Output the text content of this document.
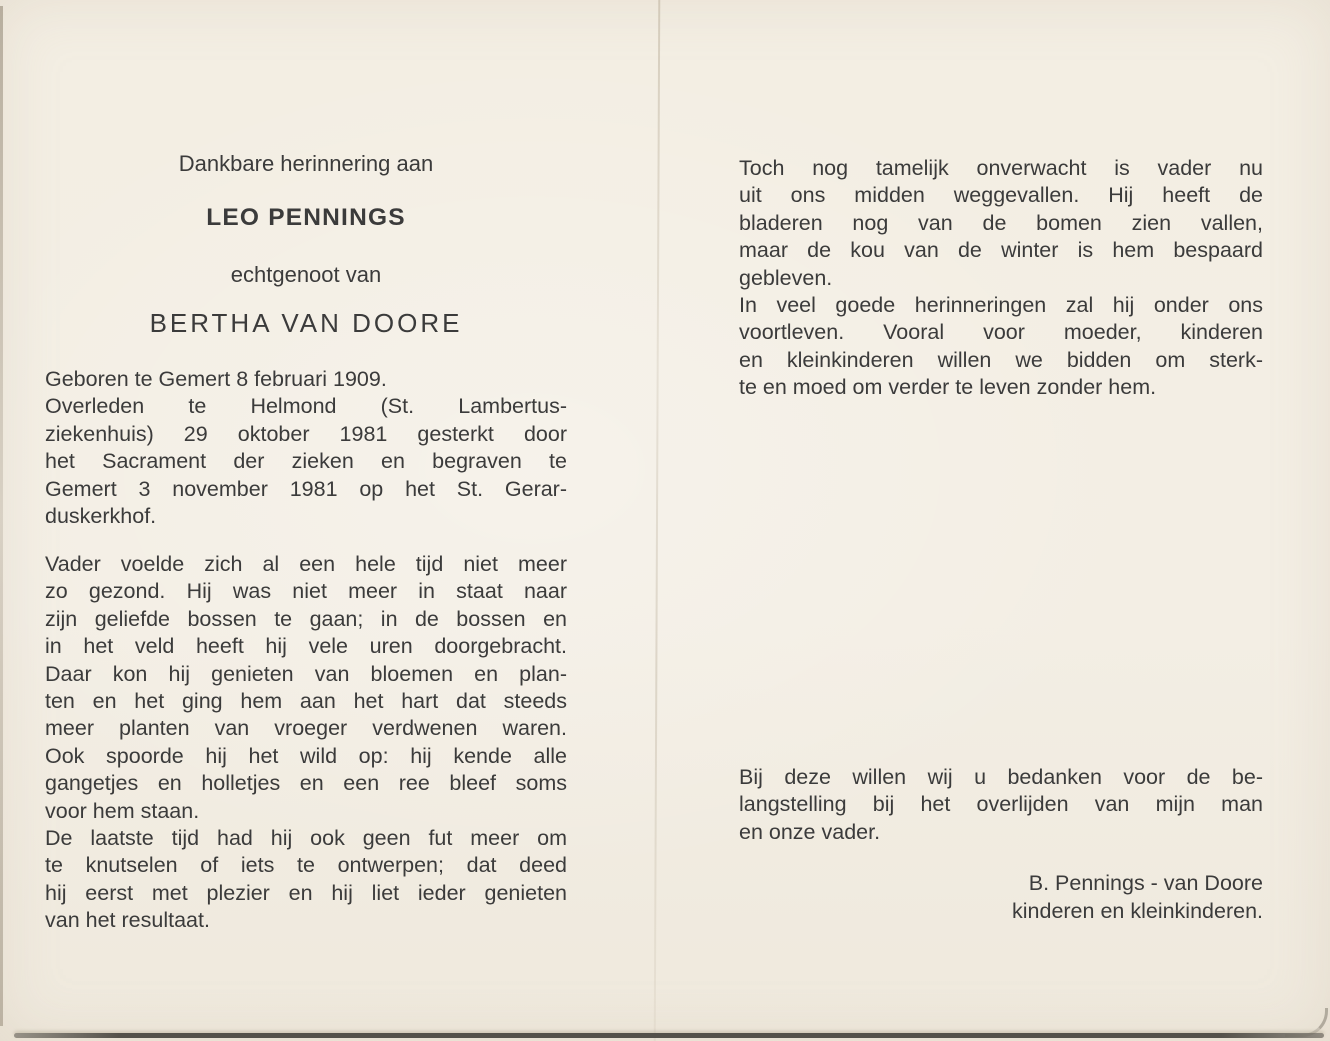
Dankbare herinnering aan
LEO PENNINGS
echtgenoot van
BERTHA VAN DOORE
Geboren te Gemert 8 februari 1909.
Overleden te Helmond (St. Lambertus-
ziekenhuis) 29 oktober 1981 gesterkt door
het Sacrament der zieken en begraven te
Gemert 3 november 1981 op het St. Gerar-
duskerkhof.
Vader voelde zich al een hele tijd niet meer
zo gezond. Hij was niet meer in staat naar
zijn geliefde bossen te gaan; in de bossen en
in het veld heeft hij vele uren doorgebracht.
Daar kon hij genieten van bloemen en plan-
ten en het ging hem aan het hart dat steeds
meer planten van vroeger verdwenen waren.
Ook spoorde hij het wild op: hij kende alle
gangetjes en holletjes en een ree bleef soms
voor hem staan.
De laatste tijd had hij ook geen fut meer om
te knutselen of iets te ontwerpen; dat deed
hij eerst met plezier en hij liet ieder genieten
van het resultaat.
Toch nog tamelijk onverwacht is vader nu
uit ons midden weggevallen. Hij heeft de
bladeren nog van de bomen zien vallen,
maar de kou van de winter is hem bespaard
gebleven.
In veel goede herinneringen zal hij onder ons
voortleven. Vooral voor moeder, kinderen
en kleinkinderen willen we bidden om sterk-
te en moed om verder te leven zonder hem.
Bij deze willen wij u bedanken voor de be-
langstelling bij het overlijden van mijn man
en onze vader.
B. Pennings - van Doore
kinderen en kleinkinderen.
